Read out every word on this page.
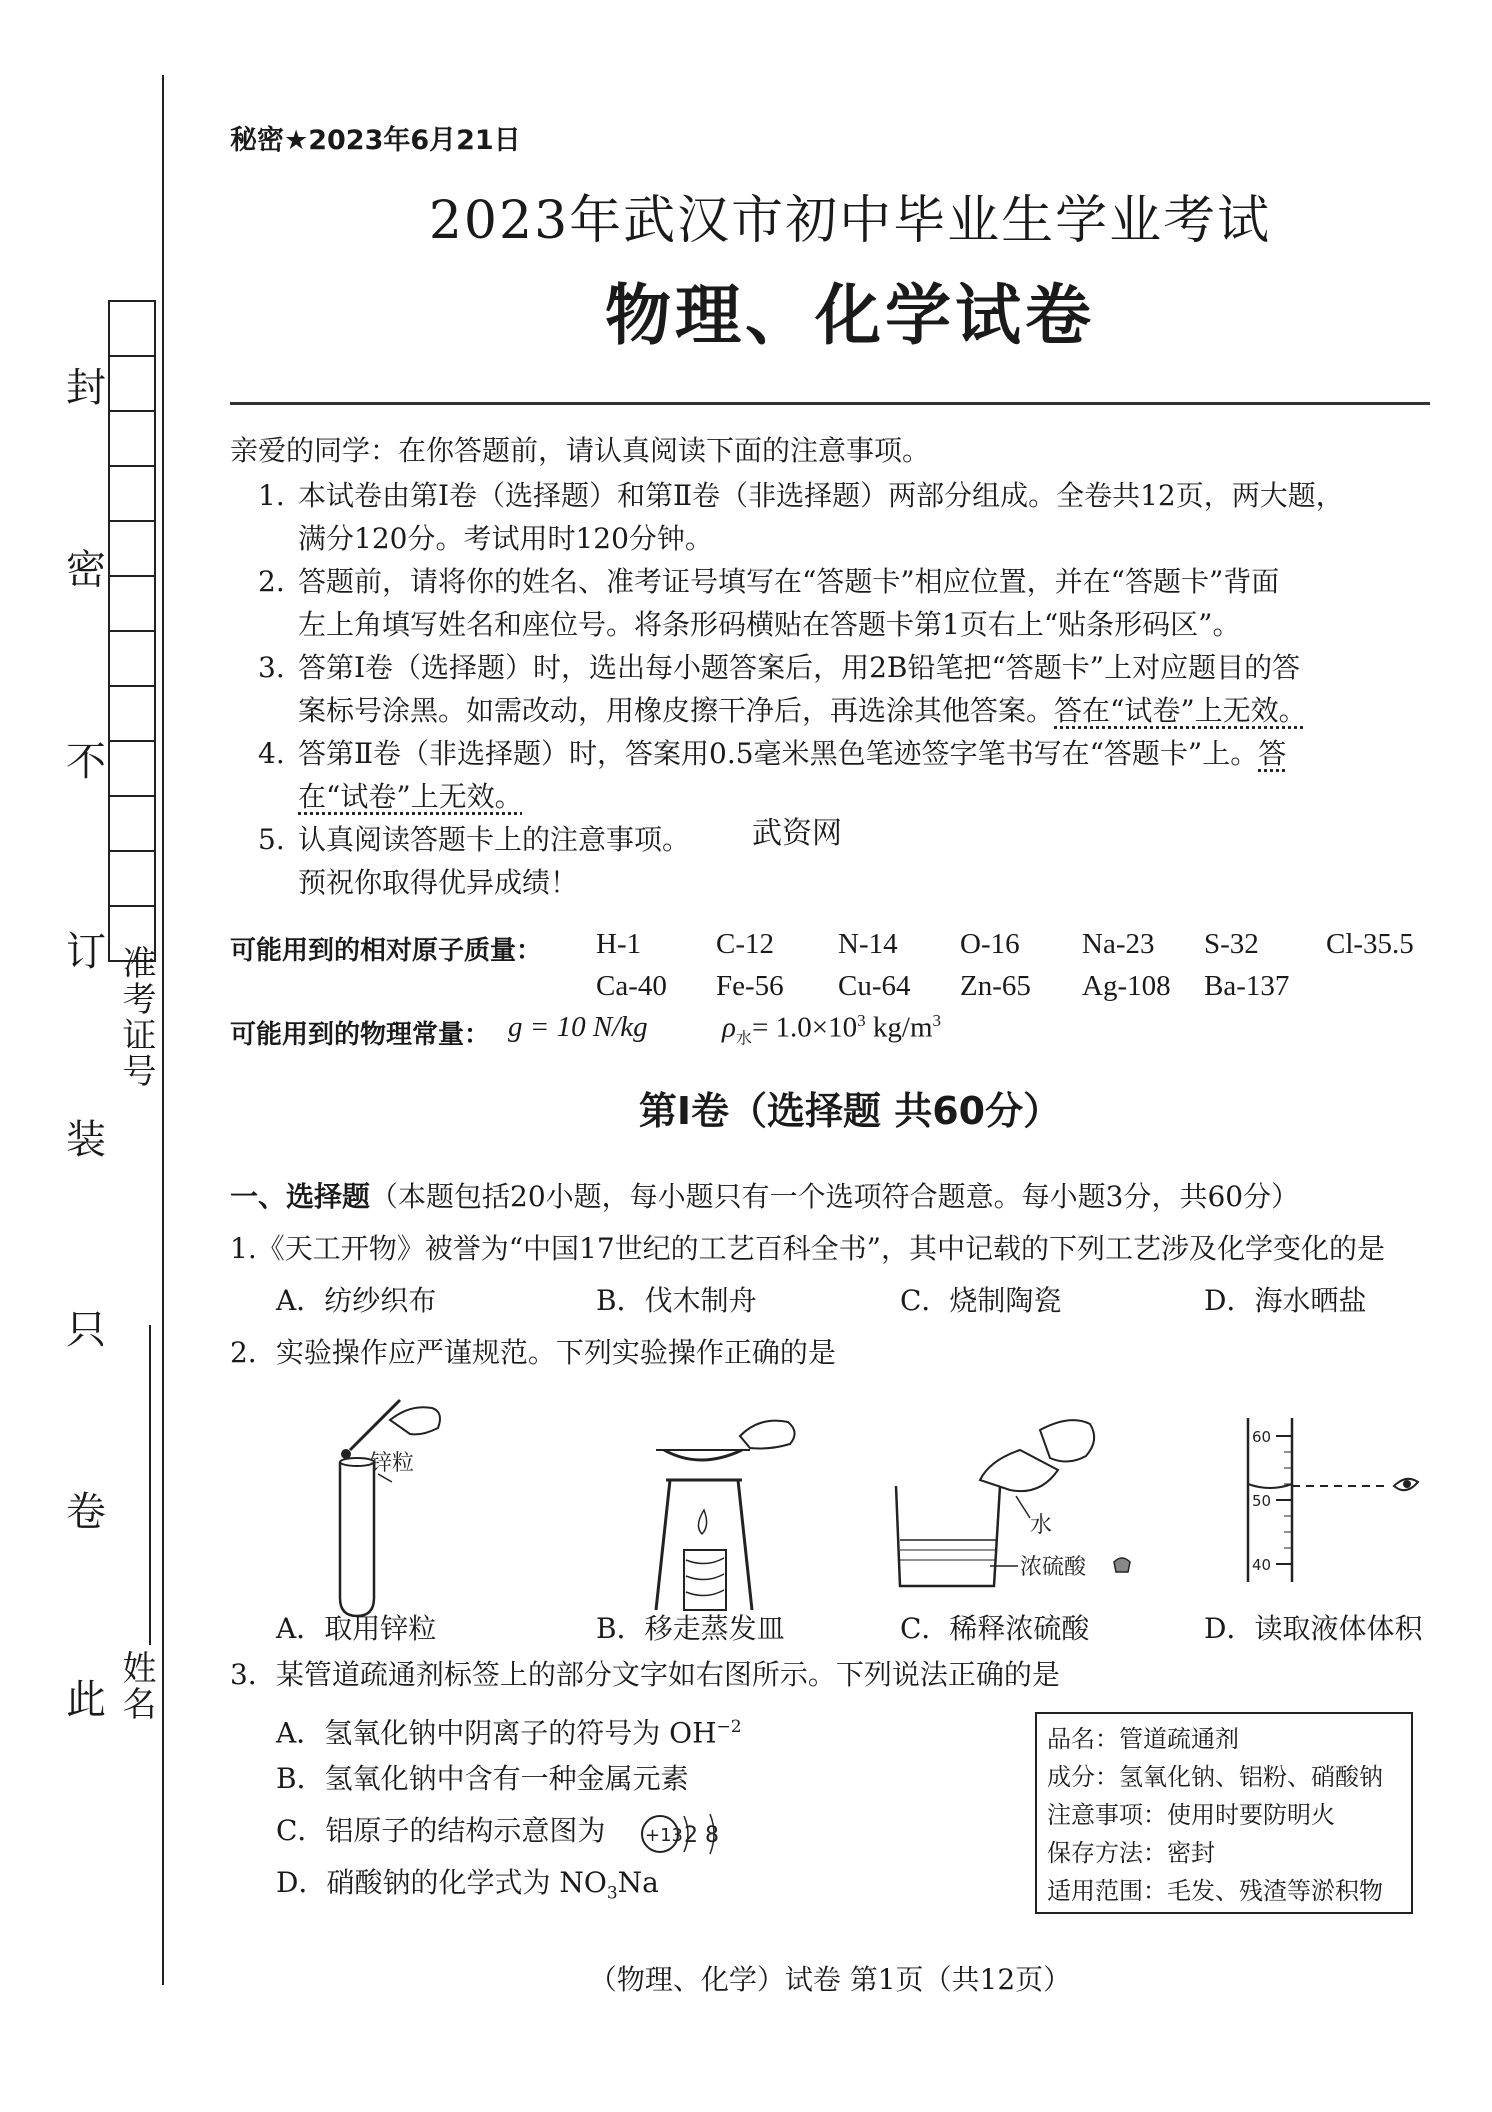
封
密
不
订
装
只
卷
此
准考证号
姓名
秘密★2023年6月21日
2023年武汉市初中毕业生学业考试
物理、化学试卷
亲爱的同学：在你答题前，请认真阅读下面的注意事项。
1. 本试卷由第Ⅰ卷（选择题）和第Ⅱ卷（非选择题）两部分组成。全卷共12页，两大题，
满分120分。考试用时120分钟。
2. 答题前，请将你的姓名、准考证号填写在“答题卡”相应位置，并在“答题卡”背面
左上角填写姓名和座位号。将条形码横贴在答题卡第1页右上“贴条形码区”。
3. 答第Ⅰ卷（选择题）时，选出每小题答案后，用2B铅笔把“答题卡”上对应题目的答
案标号涂黑。如需改动，用橡皮擦干净后，再选涂其他答案。答在“试卷”上无效。
4. 答第Ⅱ卷（非选择题）时，答案用0.5毫米黑色笔迹签字笔书写在“答题卡”上。答
在“试卷”上无效。
5. 认真阅读答题卡上的注意事项。
预祝你取得优异成绩！
武资网
可能用到的相对原子质量： H-1	C-12 N-14 O-16 Na-23 S-32 Cl-35.5
Ca-40 Fe-56 Cu-64 Zn-65 Ag-108 Ba-137
可能用到的物理常量： g = 10 N/kg	$\rho_水= 1.0\times 10^3$ $kg/m^3$
第Ⅰ卷（选择题 共60分）
一、选择题（本题包括20小题，每小题只有一个选项符合题意。每小题3分，共60分）
1.《天工开物》被誉为“中国17世纪的工艺百科全书”，其中记载的下列工艺涉及化学变化的是
A．纺纱织布	B．伐木制舟	C．烧制陶瓷	D．海水晒盐
2．实验操作应严谨规范。下列实验操作正确的是
锌粒
水
浓硫酸
60
50
40
A．取用锌粒	B．移走蒸发皿	C．稀释浓硫酸	D．读取液体体积
3．某管道疏通剂标签上的部分文字如右图所示。下列说法正确的是
A．氢氧化钠中阴离子的符号为 $OH^{-2}$
B．氢氧化钠中含有一种金属元素
C．铝原子的结构示意图为 +13 2 8
D．硝酸钠的化学式为 $NO_3Na$
品名：管道疏通剂
成分：氢氧化钠、铝粉、硝酸钠
注意事项：使用时要防明火
保存方法：密封
适用范围：毛发、残渣等淤积物
（物理、化学）试卷 第1页（共12页）
